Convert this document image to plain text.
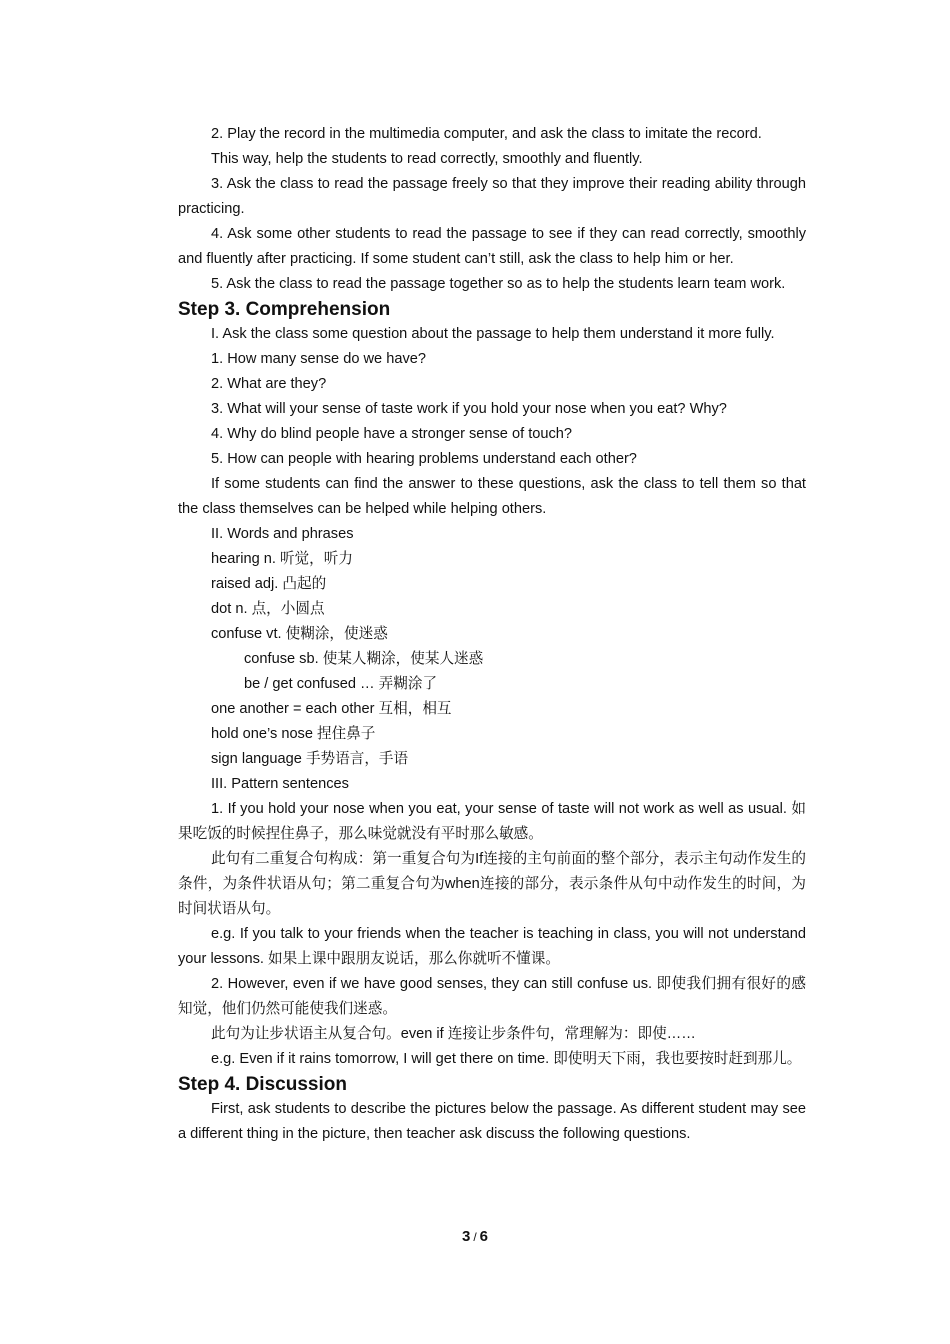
2. Play the record in the multimedia computer, and ask the class to imitate the record.

This way, help the students to read correctly, smoothly and fluently.

3. Ask the class to read the passage freely so that they improve their reading ability through practicing.

4. Ask some other students to read the passage to see if they can read correctly, smoothly and fluently after practicing. If some student can’t still, ask the class to help him or her.

5. Ask the class to read the passage together so as to help the students learn team work.

Step 3. Comprehension

I. Ask the class some question about the passage to help them understand it more fully.

1. How many sense do we have?

2. What are they?

3. What will your sense of taste work if you hold your nose when you eat? Why?

4. Why do blind people have a stronger sense of touch?

5. How can people with hearing problems understand each other?

If some students can find the answer to these questions, ask the class to tell them so that the class themselves can be helped while helping others.

II. Words and phrases

hearing n. 听觉，听力

raised adj. 凸起的

dot n. 点，小圆点

confuse vt. 使糊涂，使迷惑

confuse sb. 使某人糊涂，使某人迷惑

be / get confused … 弄糊涂了

one another = each other 互相，相互

hold one’s nose 捏住鼻子

sign language 手势语言，手语

III. Pattern sentences

1. If you hold your nose when you eat, your sense of taste will not work as well as usual. 如果吃饭的时候捏住鼻子，那么味觉就没有平时那么敏感。

此句有二重复合句构成：第一重复合句为If连接的主句前面的整个部分，表示主句动作发生的条件，为条件状语从句；第二重复合句为when连接的部分，表示条件从句中动作发生的时间，为时间状语从句。

e.g. If you talk to your friends when the teacher is teaching in class, you will not understand your lessons. 如果上课中跟朋友说话，那么你就听不懂课。

2. However, even if we have good senses, they can still confuse us. 即使我们拥有很好的感知觉，他们仍然可能使我们迷惑。

此句为让步状语主从复合句。even if 连接让步条件句，常理解为：即使……

e.g. Even if it rains tomorrow, I will get there on time. 即使明天下雨，我也要按时赶到那儿。

Step 4. Discussion

First, ask students to describe the pictures below the passage. As different student may see a different thing in the picture, then teacher ask discuss the following questions.

3 / 6
